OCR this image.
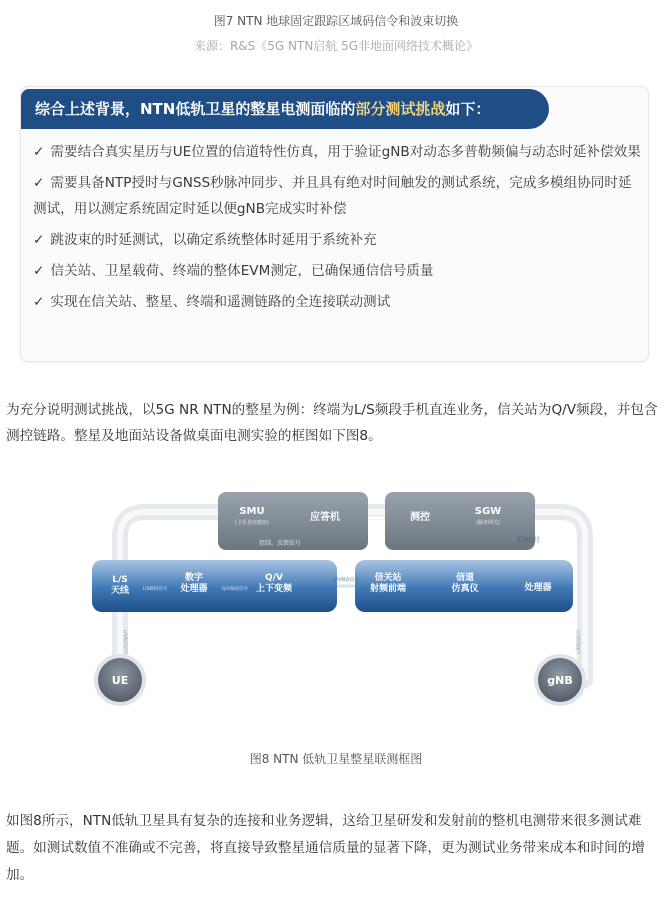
图7 NTN 地球固定跟踪区域码信令和波束切换
来源：R&S《5G NTN启航 5G非地面网络技术概论》
综合上述背景，NTN低轨卫星的整星电测面临的部分测试挑战如下：
✓ 需要结合真实星历与UE位置的信道特性仿真，用于验证gNB对动态多普勒频偏与动态时延补偿效果
✓ 需要具备NTP授时与GNSS秒脉冲同步、并且具有绝对时间触发的测试系统，完成多模组协同时延测试，用以测定系统固定时延以便gNB完成实时补偿
✓ 跳波束的时延测试，以确定系统整体时延用于系统补充
✓ 信关站、卫星载荷、终端的整体EVM测定，已确保通信信号质量
✓ 实现在信关站、整星、终端和遥测链路的全连接联动测试
为充分说明测试挑战，以5G NR NTN的整星为例：终端为L/S频段手机直连业务，信关站为Q/V频段，并包含测控链路。整星及地面站设备做桌面电测实验的框图如下图8。
SMU
(卫星星座模拟)	应答机
控制、反馈信号
测控
SGW
(服务网关)
遥测信号
L/S 天线	L/S频段信号
数字处理器	Q/V频段信号
Q/V 上下变频
Q/V频段信号	信关站射频前端
信道仿真仪	处理器
L/S频段信号	L/S频段信号
UE	gNB
图8 NTN 低轨卫星整星联测框图
如图8所示，NTN低轨卫星具有复杂的连接和业务逻辑，这给卫星研发和发射前的整机电测带来很多测试难题。如测试数值不准确或不完善，将直接导致整星通信质量的显著下降，更为测试业务带来成本和时间的增加。
